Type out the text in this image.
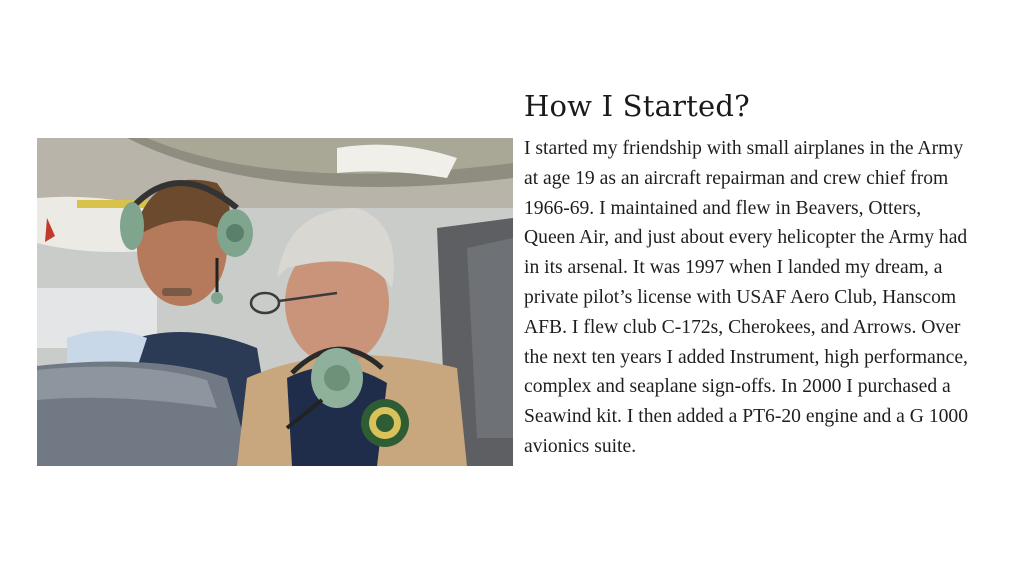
How I Started?

I started my friendship with small airplanes in the Army at age 19 as an aircraft repairman and crew chief from 1966-69. I maintained and flew in Beavers, Otters, Queen Air, and just about every helicopter the Army had in its arsenal. It was 1997 when I landed my dream, a private pilot’s license with USAF Aero Club, Hanscom AFB. I flew club C-172s, Cherokees, and Arrows. Over the next ten years I added Instrument, high performance, complex and seaplane sign-offs. In 2000 I purchased a Seawind kit. I then added a PT6-20 engine and a G 1000 avionics suite.
